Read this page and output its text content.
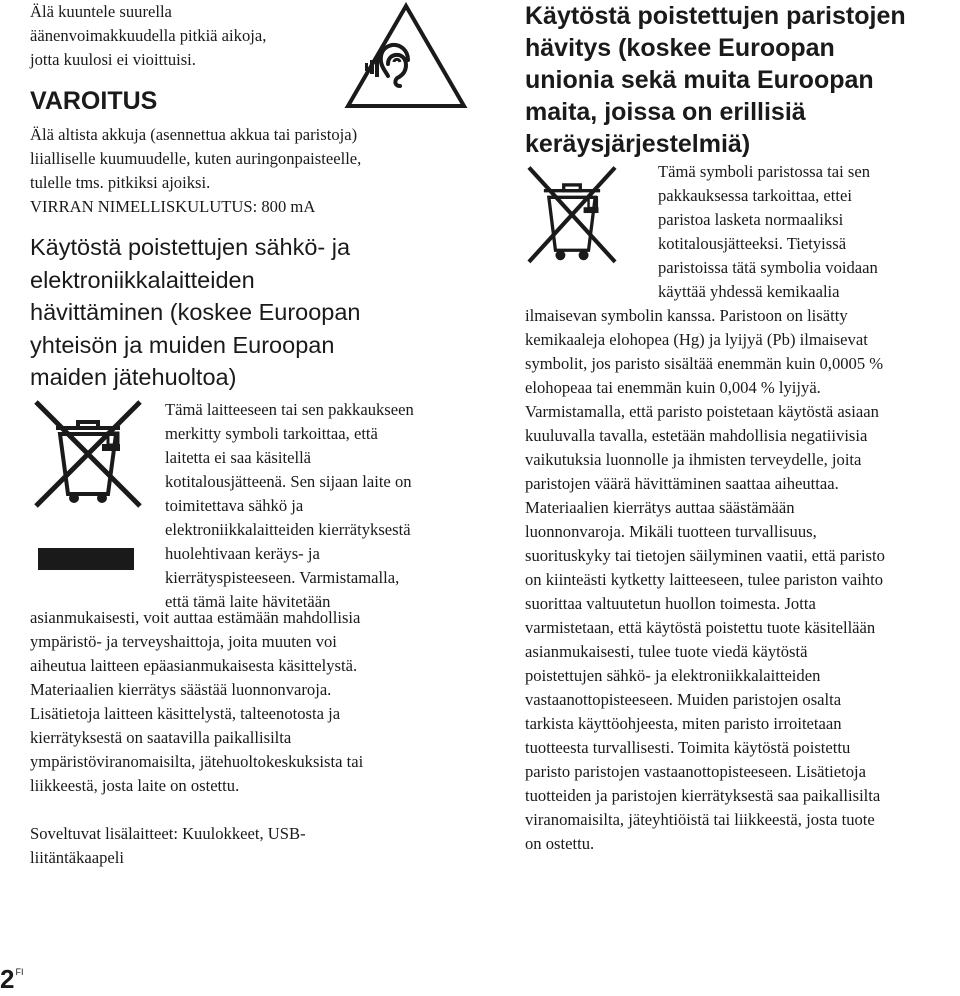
Älä kuuntele suurella
äänenvoimakkuudella pitkiä aikoja,
jotta kuulosi ei vioittuisi.
VAROITUS
Älä altista akkuja (asennettua akkua tai paristoja)
liialliselle kuumuudelle, kuten auringonpaisteelle,
tulelle tms. pitkiksi ajoiksi.
VIRRAN NIMELLISKULUTUS: 800 mA
Käytöstä poistettujen sähkö- ja
elektroniikkalaitteiden
hävittäminen (koskee Euroopan
yhteisön ja muiden Euroopan
maiden jätehuoltoa)
Tämä laitteeseen tai sen pakkaukseen
merkitty symboli tarkoittaa, että
laitetta ei saa käsitellä
kotitalousjätteenä. Sen sijaan laite on
toimitettava sähkö ja
elektroniikkalaitteiden kierrätyksestä
huolehtivaan keräys- ja
kierrätyspisteeseen. Varmistamalla,
että tämä laite hävitetään
asianmukaisesti, voit auttaa estämään mahdollisia
ympäristö- ja terveyshaittoja, joita muuten voi
aiheutua laitteen epäasianmukaisesta käsittelystä.
Materiaalien kierrätys säästää luonnonvaroja.
Lisätietoja laitteen käsittelystä, talteenotosta ja
kierrätyksestä on saatavilla paikallisilta
ympäristöviranomaisilta, jätehuoltokeskuksista tai
liikkeestä, josta laite on ostettu.
Soveltuvat lisälaitteet: Kuulokkeet, USB-
liitäntäkaapeli
Käytöstä poistettujen paristojen
hävitys (koskee Euroopan
unionia sekä muita Euroopan
maita, joissa on erillisiä
keräysjärjestelmiä)
Tämä symboli paristossa tai sen
pakkauksessa tarkoittaa, ettei
paristoa lasketa normaaliksi
kotitalousjätteeksi. Tietyissä
paristoissa tätä symbolia voidaan
käyttää yhdessä kemikaalia
ilmaisevan symbolin kanssa. Paristoon on lisätty
kemikaaleja elohopea (Hg) ja lyijyä (Pb) ilmaisevat
symbolit, jos paristo sisältää enemmän kuin 0,0005 %
elohopeaa tai enemmän kuin 0,004 % lyijyä.
Varmistamalla, että paristo poistetaan käytöstä asiaan
kuuluvalla tavalla, estetään mahdollisia negatiivisia
vaikutuksia luonnolle ja ihmisten terveydelle, joita
paristojen väärä hävittäminen saattaa aiheuttaa.
Materiaalien kierrätys auttaa säästämään
luonnonvaroja. Mikäli tuotteen turvallisuus,
suorituskyky tai tietojen säilyminen vaatii, että paristo
on kiinteästi kytketty laitteeseen, tulee pariston vaihto
suorittaa valtuutetun huollon toimesta. Jotta
varmistetaan, että käytöstä poistettu tuote käsitellään
asianmukaisesti, tulee tuote viedä käytöstä
poistettujen sähkö- ja elektroniikkalaitteiden
vastaanottopisteeseen. Muiden paristojen osalta
tarkista käyttöohjeesta, miten paristo irroitetaan
tuotteesta turvallisesti. Toimita käytöstä poistettu
paristo paristojen vastaanottopisteeseen. Lisätietoja
tuotteiden ja paristojen kierrätyksestä saa paikallisilta
viranomaisilta, jäteyhtiöistä tai liikkeestä, josta tuote
on ostettu.
$2^{FI}$
